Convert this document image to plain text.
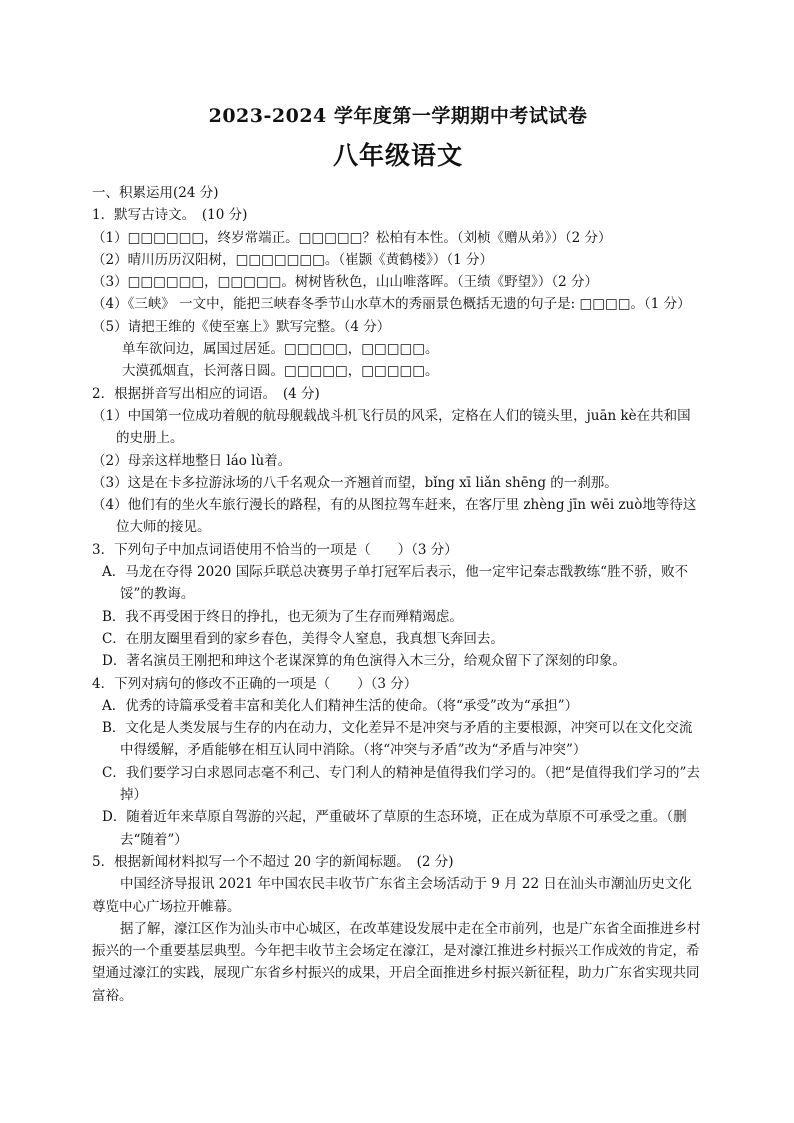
2023-2024 学年度第一学期期中考试试卷
八年级语文
一、积累运用(24 分)
1．默写古诗文。　(10 分)
（1）□□□□□□，终岁常端正。□□□□□？松柏有本性。（刘桢《赠从弟》）（2 分）
（2）晴川历历汉阳树，□□□□□□□。（崔颢《黄鹤楼》）（1 分）
（3）□□□□□□，□□□□□。树树皆秋色，山山唯落晖。（王绩《野望》）（2 分）
（4）《三峡》 一文中，能把三峡春冬季节山水草木的秀丽景色概括无遗的句子是: □□□□。（1 分）
（5）请把王维的《使至塞上》默写完整。（4 分）
单车欲问边，属国过居延。□□□□□，□□□□□。
大漠孤烟直，长河落日圆。□□□□□，□□□□□。
2．根据拼音写出相应的词语。　(4 分)
（1）中国第一位成功着舰的航母舰载战斗机飞行员的风采，定格在人们的镜头里，juān kè在共和国的史册上。
（2）母亲这样地整日 láo lù着。
（3）这是在卡多拉游泳场的八千名观众一齐翘首而望，bǐng xī liǎn shēng 的一刹那。
（4）他们有的坐火车旅行漫长的路程，有的从图拉驾车赶来，在客厅里 zhèng jīn wēi zuò地等待这位大师的接见。
3．下列句子中加点词语使用不恰当的一项是（　　）（3 分）
A．马龙在夺得 2020 国际乒联总决赛男子单打冠军后表示，他一定牢记秦志戬教练“胜不骄，败不馁”的教诲。
B．我不再受困于终日的挣扎，也无须为了生存而殚精竭虑。
C．在朋友圈里看到的家乡春色，美得令人窒息，我真想飞奔回去。
D．著名演员王刚把和珅这个老谋深算的角色演得入木三分，给观众留下了深刻的印象。
4．下列对病句的修改不正确的一项是（　　）（3 分）
A．优秀的诗篇承受着丰富和美化人们精神生活的使命。（将“承受”改为“承担”）
B．文化是人类发展与生存的内在动力，文化差异不是冲突与矛盾的主要根源，冲突可以在文化交流中得缓解，矛盾能够在相互认同中消除。（将“冲突与矛盾”改为“矛盾与冲突”）
C．我们要学习白求恩同志毫不利己、专门利人的精神是值得我们学习的。（把“是值得我们学习的”去掉）
D．随着近年来草原自驾游的兴起，严重破坏了草原的生态环境，正在成为草原不可承受之重。（删去“随着”）
5．根据新闻材料拟写一个不超过 20 字的新闻标题。　(2 分)
中国经济导报讯 2021 年中国农民丰收节广东省主会场活动于 9 月 22 日在汕头市潮汕历史文化尊览中心广场拉开帷幕。
据了解，濠江区作为汕头市中心城区，在改革建设发展中走在全市前列，也是广东省全面推进乡村振兴的一个重要基层典型。今年把丰收节主会场定在濠江，是对濠江推进乡村振兴工作成效的肯定，希望通过濠江的实践，展现广东省乡村振兴的成果，开启全面推进乡村振兴新征程，助力广东省实现共同富裕。
